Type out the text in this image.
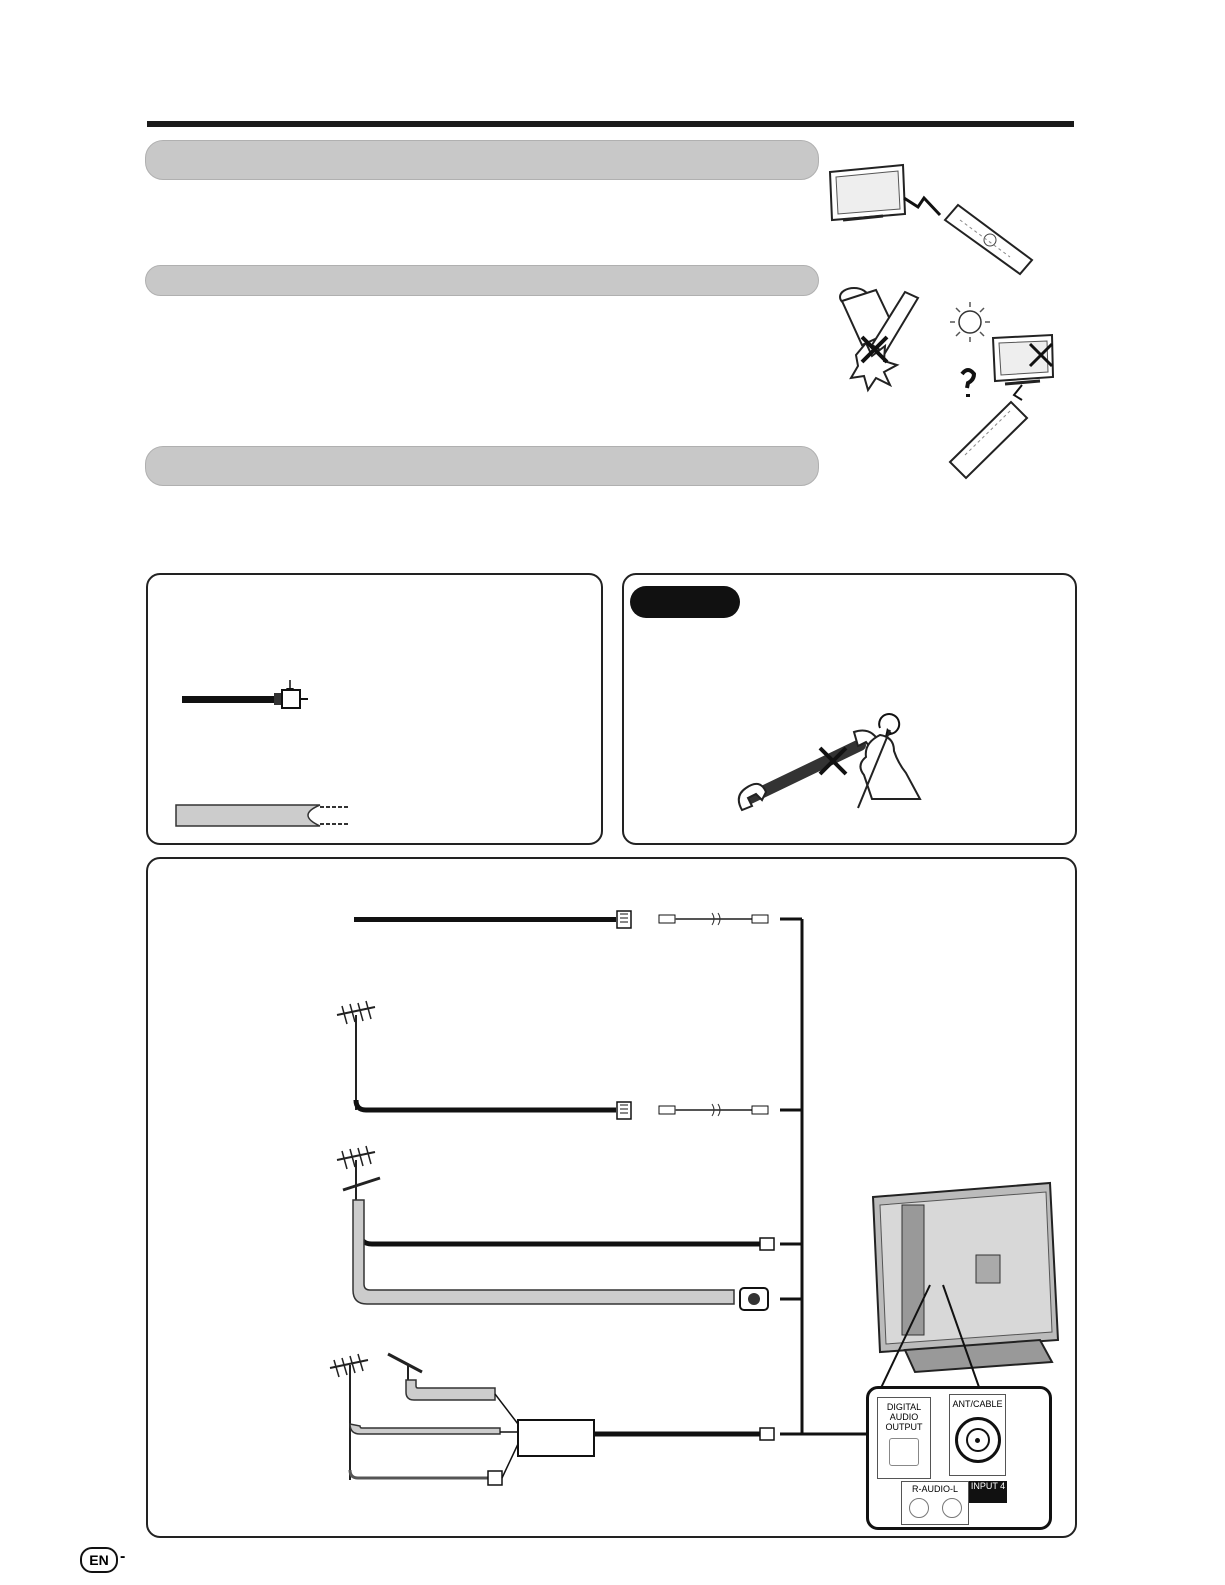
DIGITAL AUDIO OUTPUT
ANT/CABLE
R-AUDIO-L	INPUT 4
EN -
